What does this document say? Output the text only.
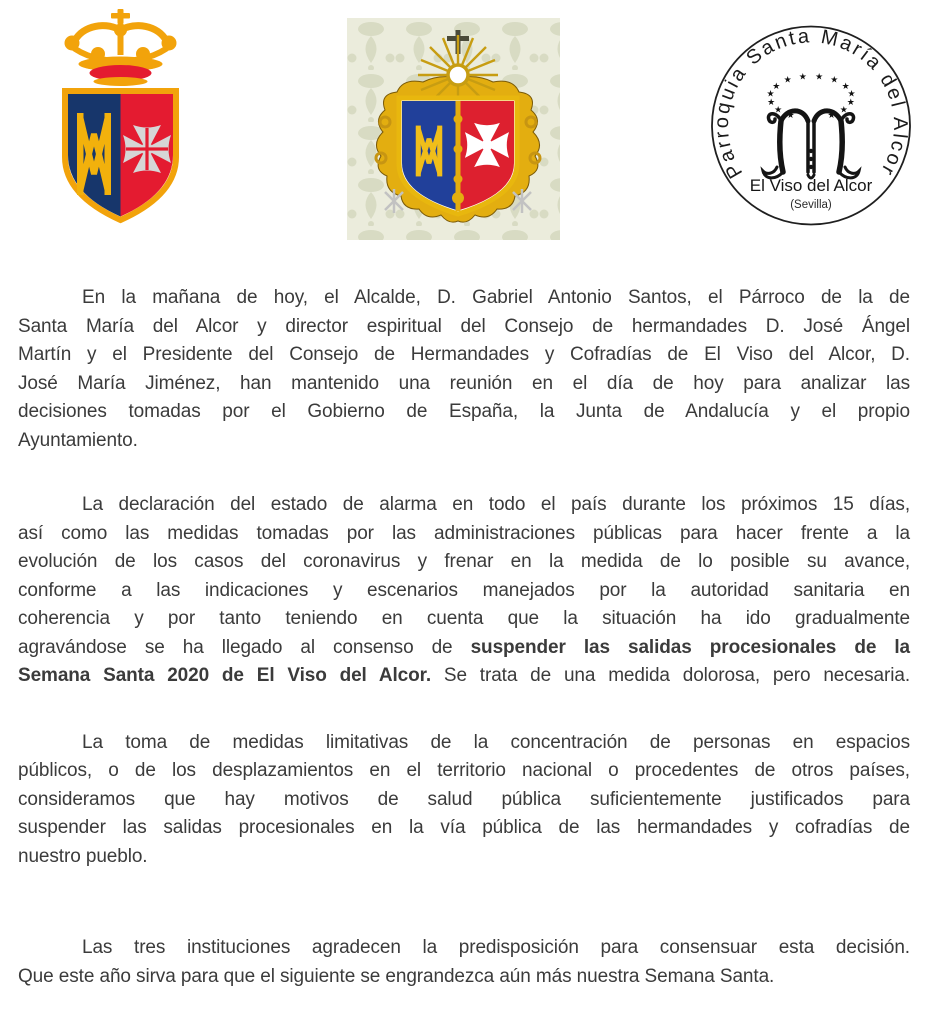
Parroquia Santa María del Alcor
★
★
★
★
★
★ ★ ★ ★
★
★
★
★
★
El Viso del Alcor
(Sevilla)
En la mañana de hoy, el Alcalde, D. Gabriel Antonio Santos, el Párroco de la de
Santa María del Alcor y director espiritual del Consejo de hermandades D. José Ángel
Martín y el Presidente del Consejo de Hermandades y Cofradías de El Viso del Alcor, D.
José María Jiménez, han mantenido una reunión en el día de hoy para analizar las
decisiones tomadas por el Gobierno de España, la Junta de Andalucía y el propio
Ayuntamiento.
La declaración del estado de alarma en todo el país durante los próximos 15 días,
así como las medidas tomadas por las administraciones públicas para hacer frente a la
evolución de los casos del coronavirus y frenar en la medida de lo posible su avance,
conforme a las indicaciones y escenarios manejados por la autoridad sanitaria en
coherencia y por tanto teniendo en cuenta que la situación ha ido gradualmente
agravándose se ha llegado al consenso de suspender las salidas procesionales de la
Semana Santa 2020 de El Viso del Alcor. Se trata de una medida dolorosa, pero necesaria.
La toma de medidas limitativas de la concentración de personas en espacios
públicos, o de los desplazamientos en el territorio nacional o procedentes de otros países,
consideramos que hay motivos de salud pública suficientemente justificados para
suspender las salidas procesionales en la vía pública de las hermandades y cofradías de
nuestro pueblo.
Las tres instituciones agradecen la predisposición para consensuar esta decisión.
Que este año sirva para que el siguiente se engrandezca aún más nuestra Semana Santa.
